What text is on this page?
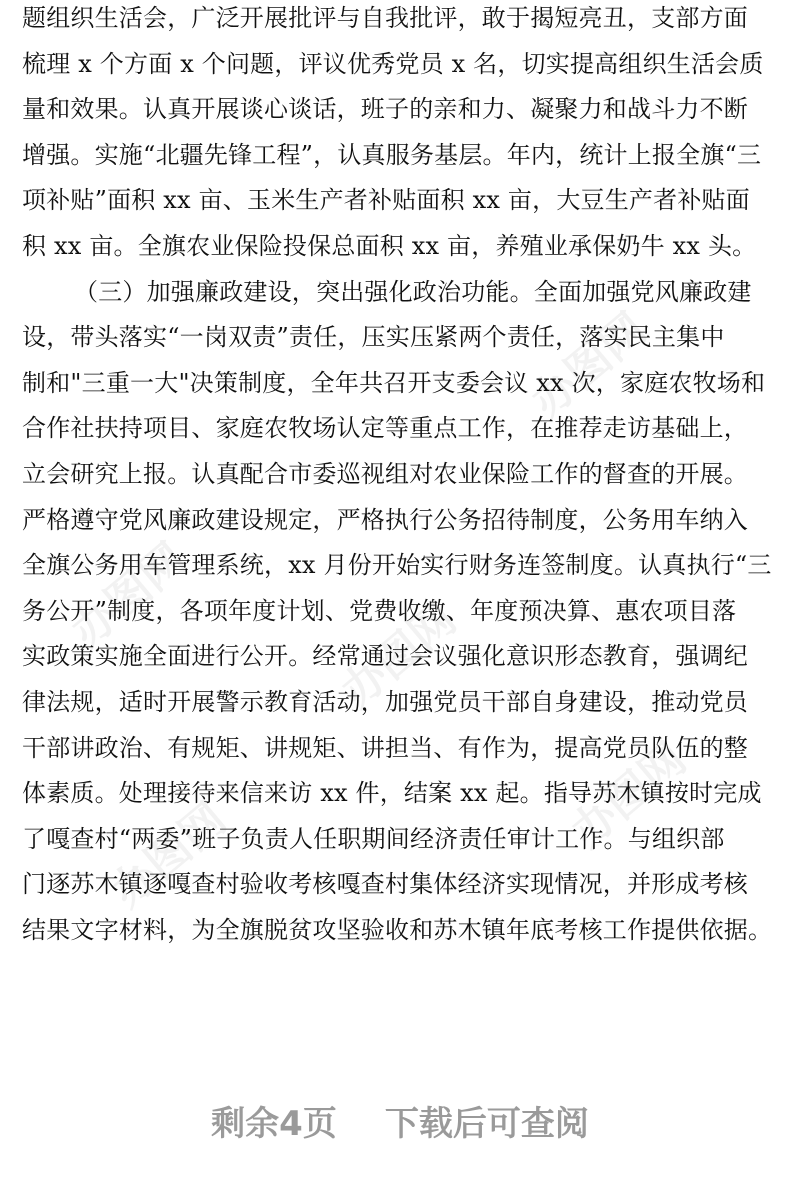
办图网
办图网	办图网
办图网
办图网
题组织生活会，广泛开展批评与自我批评，敢于揭短亮丑，支部方面
梳理 x 个方面 x 个问题，评议优秀党员 x 名，切实提高组织生活会质
量和效果。认真开展谈心谈话，班子的亲和力、凝聚力和战斗力不断
增强。实施“北疆先锋工程”，认真服务基层。年内，统计上报全旗“三
项补贴”面积 xx 亩、玉米生产者补贴面积 xx 亩，大豆生产者补贴面
积 xx 亩。全旗农业保险投保总面积 xx 亩，养殖业承保奶牛 xx 头。
（三）加强廉政建设，突出强化政治功能。全面加强党风廉政建
设，带头落实“一岗双责”责任，压实压紧两个责任，落实民主集中
制和"三重一大"决策制度，全年共召开支委会议 xx 次，家庭农牧场和
合作社扶持项目、家庭农牧场认定等重点工作，在推荐走访基础上，
立会研究上报。认真配合市委巡视组对农业保险工作的督查的开展。
严格遵守党风廉政建设规定，严格执行公务招待制度，公务用车纳入
全旗公务用车管理系统，xx 月份开始实行财务连签制度。认真执行“三
务公开”制度，各项年度计划、党费收缴、年度预决算、惠农项目落
实政策实施全面进行公开。经常通过会议强化意识形态教育，强调纪
律法规，适时开展警示教育活动，加强党员干部自身建设，推动党员
干部讲政治、有规矩、讲规矩、讲担当、有作为，提高党员队伍的整
体素质。处理接待来信来访 xx 件，结案 xx 起。指导苏木镇按时完成
了嘎查村“两委”班子负责人任职期间经济责任审计工作。与组织部
门逐苏木镇逐嘎查村验收考核嘎查村集体经济实现情况，并形成考核
结果文字材料，为全旗脱贫攻坚验收和苏木镇年底考核工作提供依据。
剩余4页 下载后可查阅
